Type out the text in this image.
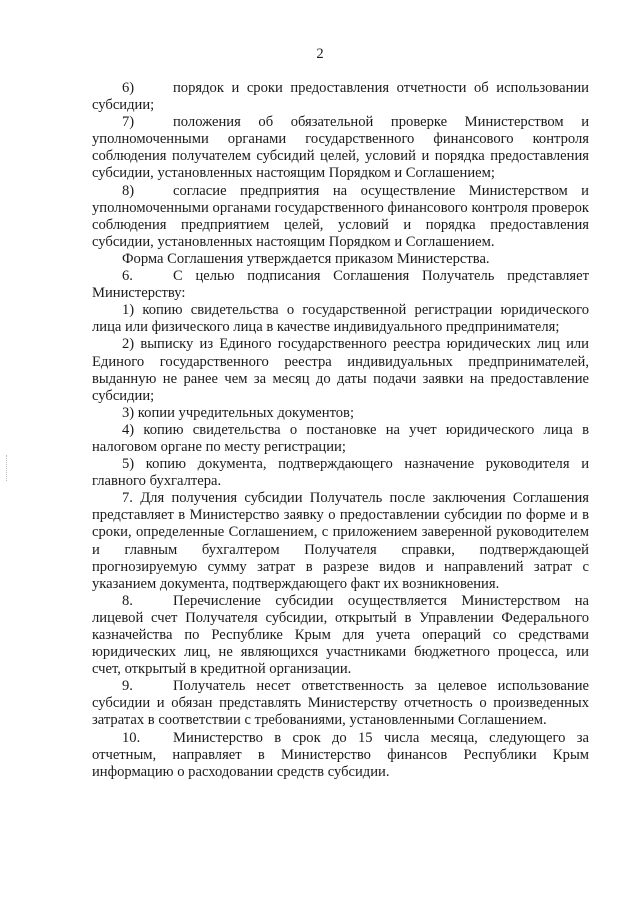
2

6)	порядок и сроки предоставления отчетности об использовании субсидии;

7)	положения об обязательной проверке Министерством и уполномоченными органами государственного финансового контроля соблюдения получателем субсидий целей, условий и порядка предоставления субсидии, установленных настоящим Порядком и Соглашением;

8)	согласие предприятия на осуществление Министерством и уполномоченными органами государственного финансового контроля проверок соблюдения предприятием целей, условий и порядка предоставления субсидии, установленных настоящим Порядком и Соглашением.

Форма Соглашения утверждается приказом Министерства.

6.	С целью подписания Соглашения Получатель представляет Министерству:

1) копию свидетельства о государственной регистрации юридического лица или физического лица в качестве индивидуального предпринимателя;

2) выписку из Единого государственного реестра юридических лиц или Единого государственного реестра индивидуальных предпринимателей, выданную не ранее чем за месяц до даты подачи заявки на предоставление субсидии;

3) копии учредительных документов;

4) копию свидетельства о постановке на учет юридического лица в налоговом органе по месту регистрации;

5) копию документа, подтверждающего назначение руководителя и главного бухгалтера.

7. Для получения субсидии Получатель после заключения Соглашения представляет в Министерство заявку о предоставлении субсидии по форме и в сроки, определенные Соглашением, с приложением заверенной руководителем и главным бухгалтером Получателя справки, подтверждающей прогнозируемую сумму затрат в разрезе видов и направлений затрат с указанием документа, подтверждающего факт их возникновения.

8.	Перечисление субсидии осуществляется Министерством на лицевой счет Получателя субсидии, открытый в Управлении Федерального казначейства по Республике Крым для учета операций со средствами юридических лиц, не являющихся участниками бюджетного процесса, или счет, открытый в кредитной организации.

9.	Получатель несет ответственность за целевое использование субсидии и обязан представлять Министерству отчетность о произведенных затратах в соответствии с требованиями, установленными Соглашением.

10. Министерство в срок до 15 числа месяца, следующего за отчетным, направляет в Министерство финансов Республики Крым информацию о расходовании средств субсидии.
